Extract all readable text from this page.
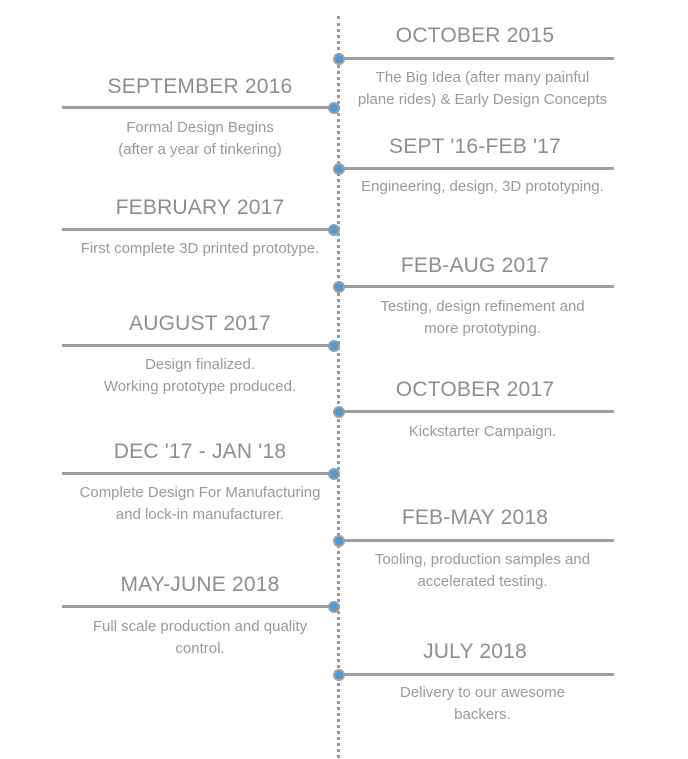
OCTOBER 2015
The Big Idea (after many painful
plane rides) & Early Design Concepts
SEPTEMBER 2016
Formal Design Begins
(after a year of tinkering)	SEPT '16-FEB '17
Engineering, design, 3D prototyping.
FEBRUARY 2017
First complete 3D printed prototype.
FEB-AUG 2017
Testing, design refinement and
more prototyping.
AUGUST 2017
Design finalized.
Working prototype produced.	OCTOBER 2017
Kickstarter Campaign.
DEC '17 - JAN '18
Complete Design For Manufacturing
and lock-in manufacturer.	FEB-MAY 2018
Tooling, production samples and
accelerated testing.
MAY-JUNE 2018
Full scale production and quality
control.	JULY 2018
Delivery to our awesome
backers.
